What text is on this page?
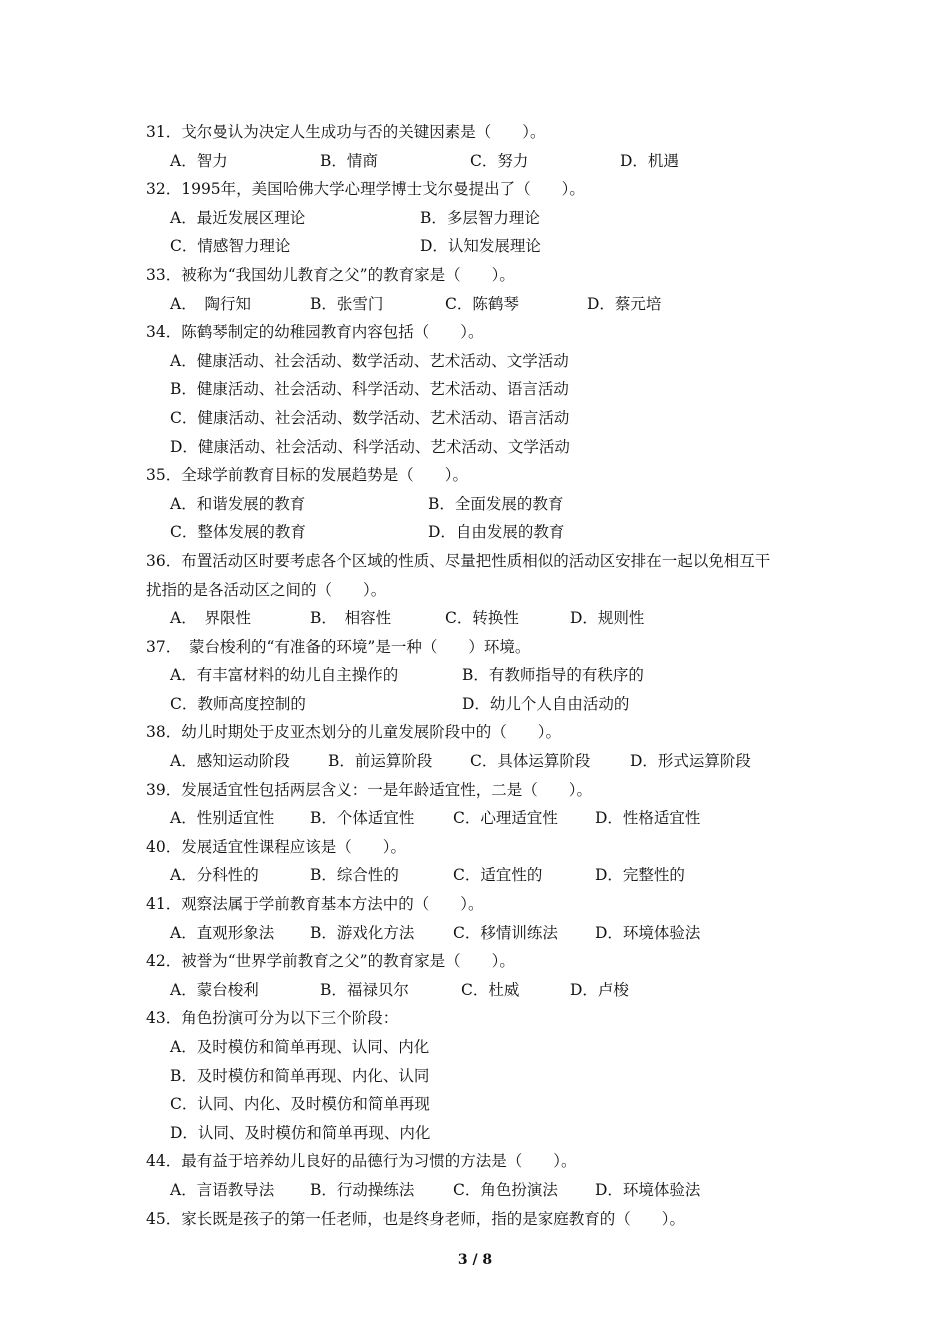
31．戈尔曼认为决定人生成功与否的关键因素是（　　）。
A．智力	B．情商	C．努力	D．机遇
32．1995年，美国哈佛大学心理学博士戈尔曼提出了（　　）。
A．最近发展区理论	B．多层智力理论
C．情感智力理论	D．认知发展理论
33．被称为“我国幼儿教育之父”的教育家是（　　）。
A．　陶行知	B．张雪门	C．陈鹤琴	D．蔡元培
34．陈鹤琴制定的幼稚园教育内容包括（　　）。
A．健康活动、社会活动、数学活动、艺术活动、文学活动
B．健康活动、社会活动、科学活动、艺术活动、语言活动
C．健康活动、社会活动、数学活动、艺术活动、语言活动
D．健康活动、社会活动、科学活动、艺术活动、文学活动
35．全球学前教育目标的发展趋势是（　　）。
A．和谐发展的教育	B．全面发展的教育
C．整体发展的教育	D．自由发展的教育
36．布置活动区时要考虑各个区域的性质、尽量把性质相似的活动区安排在一起以免相互干
扰指的是各活动区之间的（　　）。
A．　界限性	B．　相容性	C．转换性	D．规则性
37．　蒙台梭利的“有准备的环境”是一种（　　）环境。
A．有丰富材料的幼儿自主操作的	B．有教师指导的有秩序的
C．教师高度控制的	D．幼儿个人自由活动的
38．幼儿时期处于皮亚杰划分的儿童发展阶段中的（　　）。
A．感知运动阶段 B．前运算阶段 C．具体运算阶段	D．形式运算阶段
39．发展适宜性包括两层含义：一是年龄适宜性，二是（　　）。
A．性别适宜性 B．个体适宜性 C．心理适宜性 D．性格适宜性
40．发展适宜性课程应该是（　　）。
A．分科性的	B．综合性的	C．适宜性的	D．完整性的
41．观察法属于学前教育基本方法中的（　　）。
A．直观形象法 B．游戏化方法 C．移情训练法 D．环境体验法
42．被誉为“世界学前教育之父”的教育家是（　　）。
A．蒙台梭利	B．福禄贝尔	C．杜威	D．卢梭
43．角色扮演可分为以下三个阶段：
A．及时模仿和简单再现、认同、内化
B．及时模仿和简单再现、内化、认同
C．认同、内化、及时模仿和简单再现
D．认同、及时模仿和简单再现、内化
44．最有益于培养幼儿良好的品德行为习惯的方法是（　　）。
A．言语教导法 B．行动操练法 C．角色扮演法 D．环境体验法
45．家长既是孩子的第一任老师，也是终身老师，指的是家庭教育的（　　）。
3 / 8
